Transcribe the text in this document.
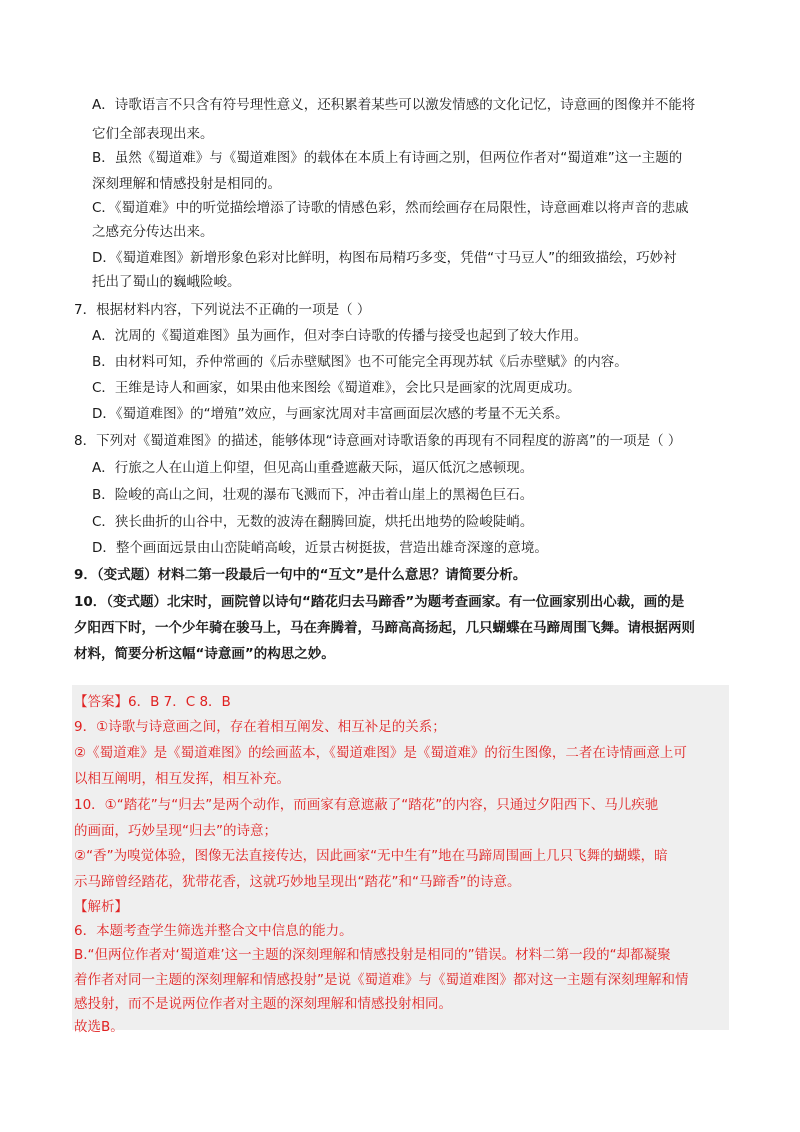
A．诗歌语言不只含有符号理性意义，还积累着某些可以激发情感的文化记忆，诗意画的图像并不能将
它们全部表现出来。
B．虽然《蜀道难》与《蜀道难图》的载体在本质上有诗画之别，但两位作者对“蜀道难”这一主题的
深刻理解和情感投射是相同的。
C．《蜀道难》中的听觉描绘增添了诗歌的情感色彩，然而绘画存在局限性，诗意画难以将声音的悲戚
之感充分传达出来。
D．《蜀道难图》新增形象色彩对比鲜明，构图布局精巧多变，凭借“寸马豆人”的细致描绘，巧妙衬
托出了蜀山的巍峨险峻。
7．根据材料内容，下列说法不正确的一项是（ ）
A．沈周的《蜀道难图》虽为画作，但对李白诗歌的传播与接受也起到了较大作用。
B．由材料可知，乔仲常画的《后赤壁赋图》也不可能完全再现苏轼《后赤壁赋》的内容。
C．王维是诗人和画家，如果由他来图绘《蜀道难》，会比只是画家的沈周更成功。
D．《蜀道难图》的“增殖”效应，与画家沈周对丰富画面层次感的考量不无关系。
8．下列对《蜀道难图》的描述，能够体现“诗意画对诗歌语象的再现有不同程度的游离”的一项是（ ）
A．行旅之人在山道上仰望，但见高山重叠遮蔽天际，逼仄低沉之感顿现。
B．险峻的高山之间，壮观的瀑布飞溅而下，冲击着山崖上的黑褐色巨石。
C．狭长曲折的山谷中，无数的波涛在翻腾回旋，烘托出地势的险峻陡峭。
D．整个画面远景由山峦陡峭高峻，近景古树挺拔，营造出雄奇深邃的意境。
9．（变式题）材料二第一段最后一句中的“互文”是什么意思？请简要分析。
10．（变式题）北宋时，画院曾以诗句“踏花归去马蹄香”为题考查画家。有一位画家别出心裁，画的是
夕阳西下时，一个少年骑在骏马上，马在奔腾着，马蹄高高扬起，几只蝴蝶在马蹄周围飞舞。请根据两则
材料，简要分析这幅“诗意画”的构思之妙。
【答案】6．B 7．C 8．B
9．①诗歌与诗意画之间，存在着相互阐发、相互补足的关系；
②《蜀道难》是《蜀道难图》的绘画蓝本，《蜀道难图》是《蜀道难》的衍生图像，二者在诗情画意上可
以相互阐明，相互发挥，相互补充。
10．①“踏花”与“归去”是两个动作，而画家有意遮蔽了“踏花”的内容，只通过夕阳西下、马儿疾驰
的画面，巧妙呈现“归去”的诗意；
②“香”为嗅觉体验，图像无法直接传达，因此画家“无中生有”地在马蹄周围画上几只飞舞的蝴蝶，暗
示马蹄曾经踏花，犹带花香，这就巧妙地呈现出“踏花”和“马蹄香”的诗意。
【解析】
6．本题考查学生筛选并整合文中信息的能力。
B.“但两位作者对‘蜀道难’这一主题的深刻理解和情感投射是相同的”错误。材料二第一段的“却都凝聚
着作者对同一主题的深刻理解和情感投射”是说《蜀道难》与《蜀道难图》都对这一主题有深刻理解和情
感投射，而不是说两位作者对主题的深刻理解和情感投射相同。
故选B。
